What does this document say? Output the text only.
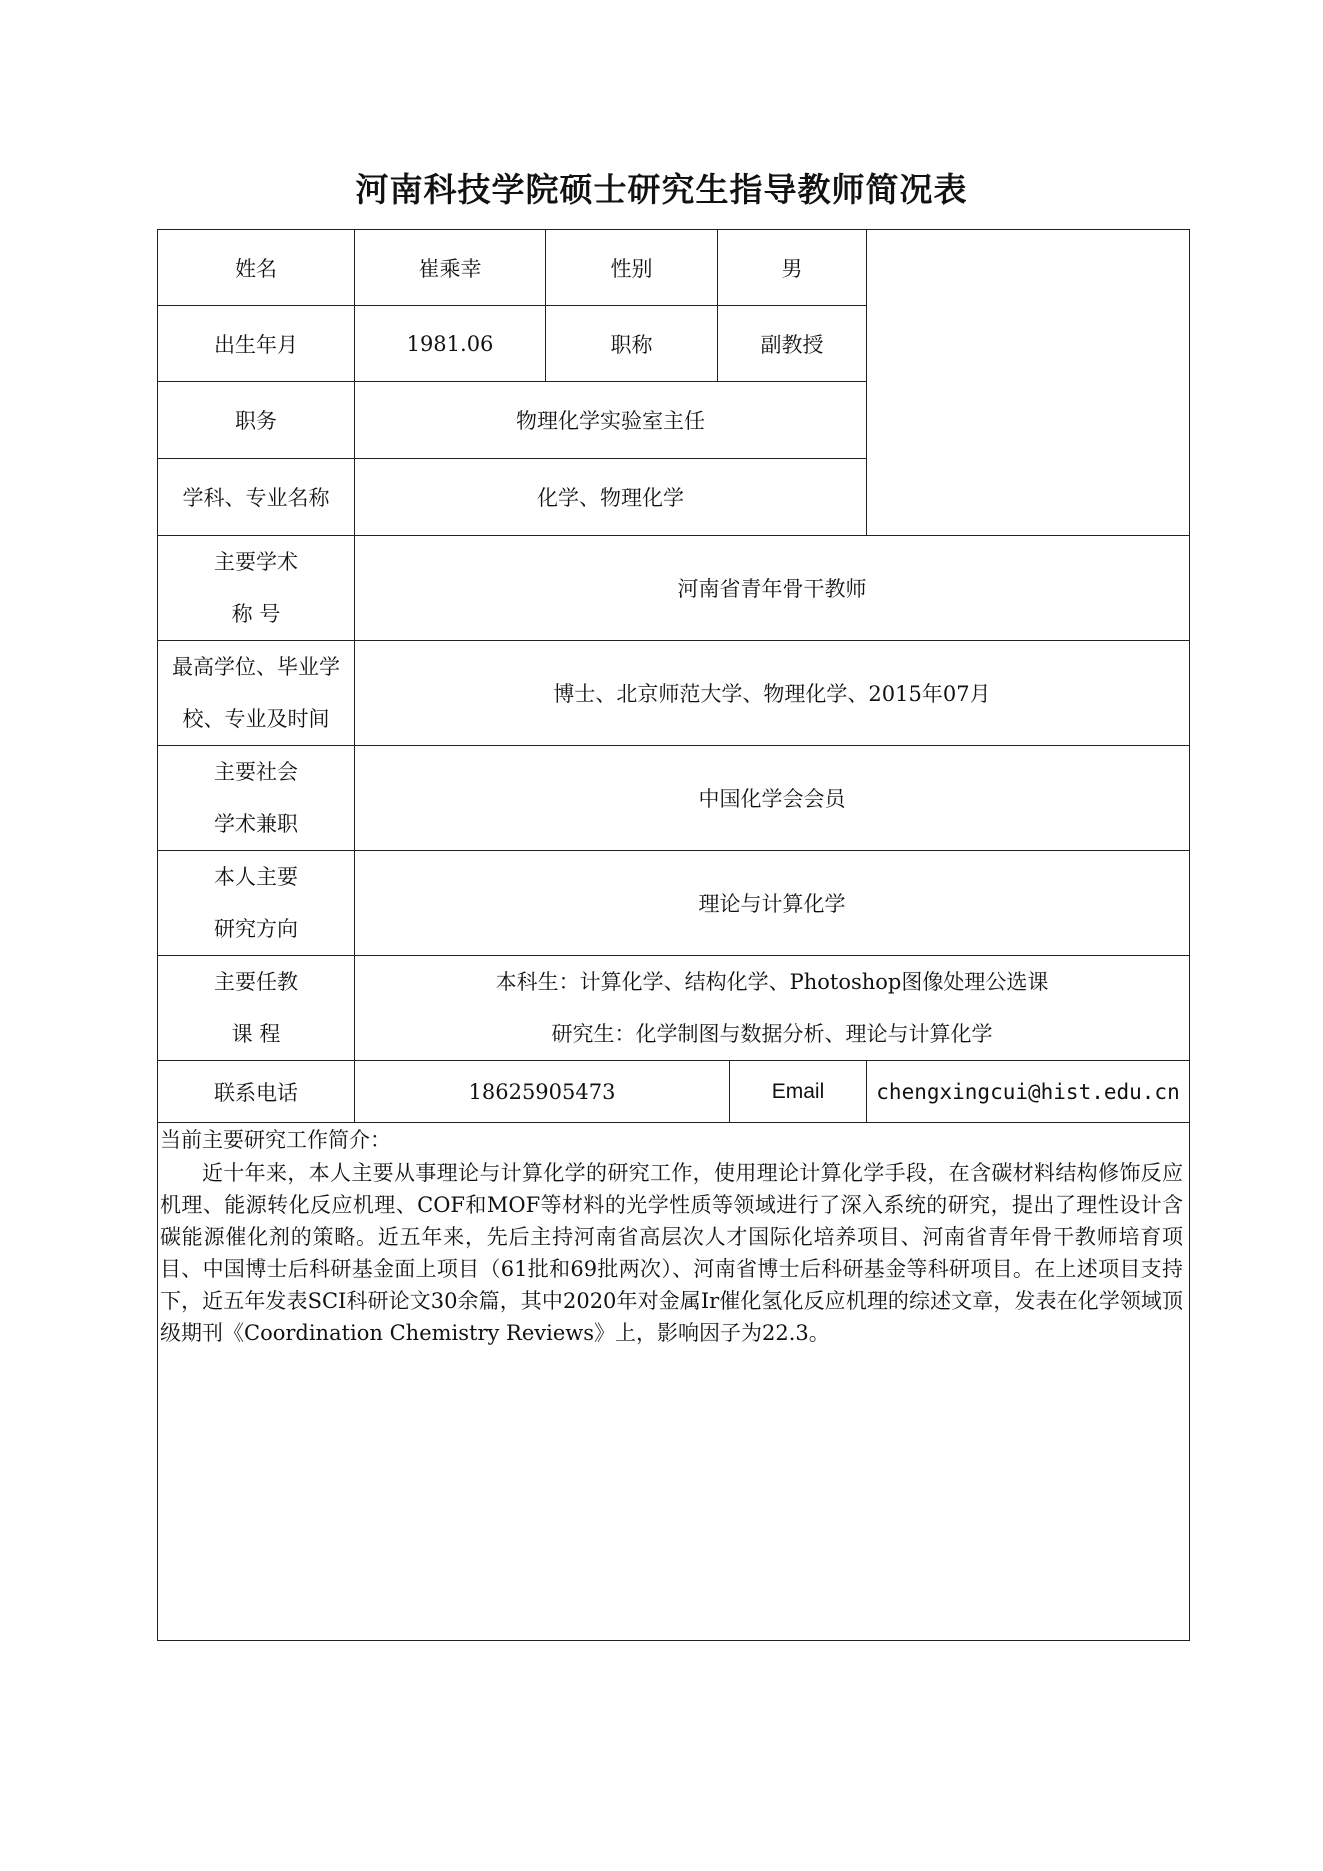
河南科技学院硕士研究生指导教师简况表
姓名	崔乘幸	性别	男		
出生年月	1981.06	职称	副教授		
职务	物理化学实验室主任				
学科、专业名称	化学、物理化学				

主要学术
称 号	河南省青年骨干教师				

最高学位、毕业学
校、专业及时间	博士、北京师范大学、物理化学、2015年07月				

主要社会
学术兼职	中国化学会会员				

本人主要
研究方向	理论与计算化学				

主要任教
课 程	本科生：计算化学、结构化学、Photoshop图像处理公选课
研究生：化学制图与数据分析、理论与计算化学				

联系电话	18625905473			Email	chengxingcui@hist.edu.cn

当前主要研究工作简介：

近十年来，本人主要从事理论与计算化学的研究工作，使用理论计算化学手段，在含碳材料结构修饰反应机理、能源转化反应机理、COF和MOF等材料的光学性质等领域进行了深入系统的研究，提出了理性设计含碳能源催化剂的策略。近五年来，先后主持河南省高层次人才国际化培养项目、河南省青年骨干教师培育项目、中国博士后科研基金面上项目（61批和69批两次）、河南省博士后科研基金等科研项目。在上述项目支持下，近五年发表SCI科研论文30余篇，其中2020年对金属Ir催化氢化反应机理的综述文章，发表在化学领域顶级期刊《Coordination Chemistry Reviews》上，影响因子为22.3。					
